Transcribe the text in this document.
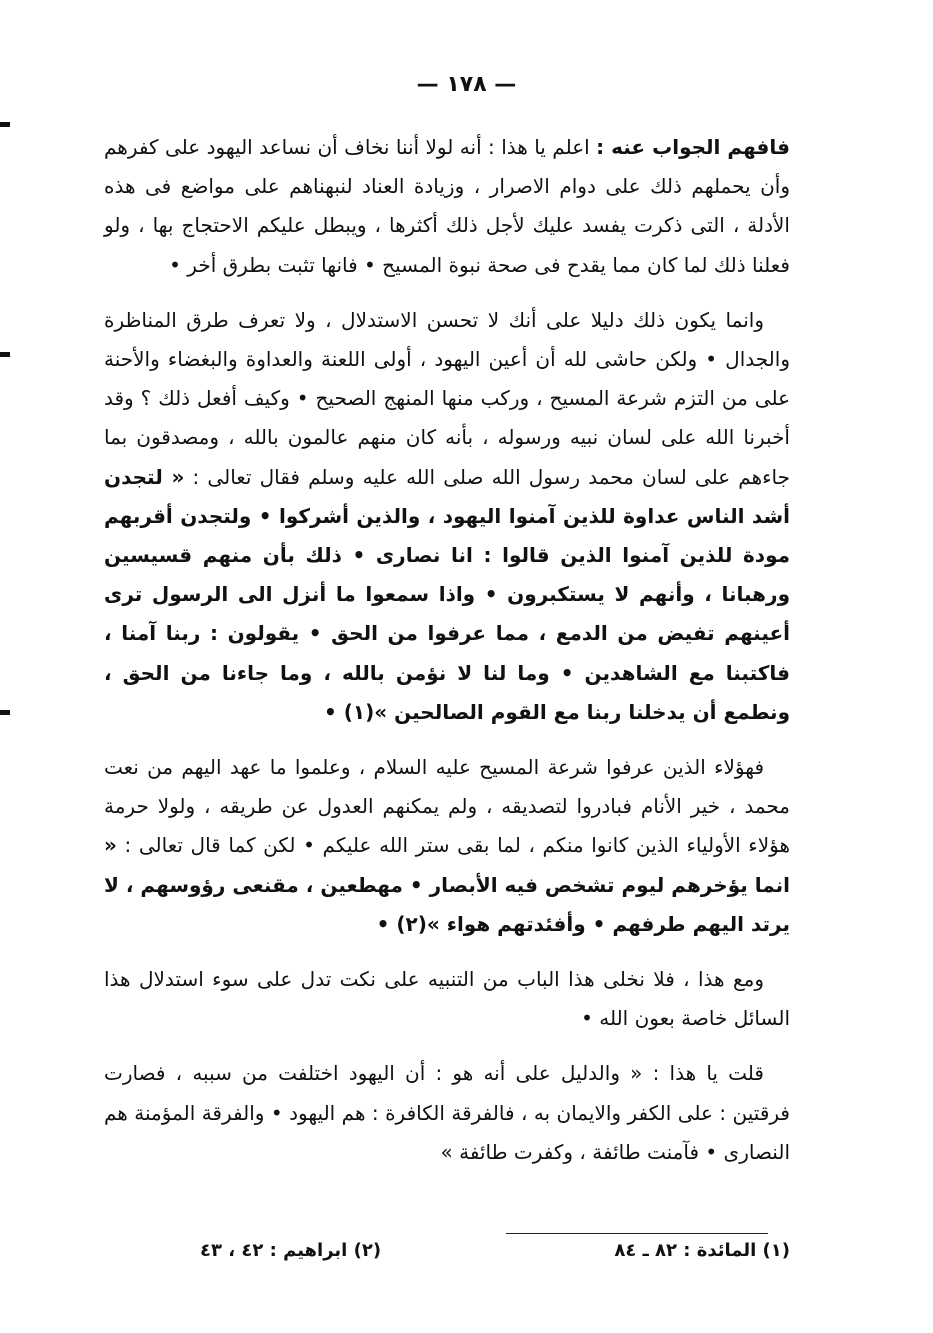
— ١٧٨ —

فافهم الجواب عنه : اعلم يا هذا : أنه لولا أننا نخاف أن نساعد اليهود على كفرهم وأن يحملهم ذلك على دوام الاصرار ، وزيادة العناد لنبهناهم على مواضع فى هذه الأدلة ، التى ذكرت يفسد عليك لأجل ذلك أكثرها ، ويبطل عليكم الاحتجاج بها ، ولو فعلنا ذلك لما كان مما يقدح فى صحة نبوة المسيح • فانها تثبت بطرق أخر •

وانما يكون ذلك دليلا على أنك لا تحسن الاستدلال ، ولا تعرف طرق المناظرة والجدال • ولكن حاشى لله أن أعين اليهود ، أولى اللعنة والعداوة والبغضاء والأحنة على من التزم شرعة المسيح ، وركب منها المنهج الصحيح • وكيف أفعل ذلك ؟ وقد أخبرنا الله على لسان نبيه ورسوله ، بأنه كان منهم عالمون بالله ، ومصدقون بما جاءهم على لسان محمد رسول الله صلى الله عليه وسلم فقال تعالى : « لتجدن أشد الناس عداوة للذين آمنوا اليهود ، والذين أشركوا • ولتجدن أقربهم مودة للذين آمنوا الذين قالوا : انا نصارى • ذلك بأن منهم قسيسين ورهبانا ، وأنهم لا يستكبرون • واذا سمعوا ما أنزل الى الرسول ترى أعينهم تفيض من الدمع ، مما عرفوا من الحق • يقولون : ربنا آمنا ، فاكتبنا مع الشاهدين • وما لنا لا نؤمن بالله ، وما جاءنا من الحق ، ونطمع أن يدخلنا ربنا مع القوم الصالحين »(١) •

فهؤلاء الذين عرفوا شرعة المسيح عليه السلام ، وعلموا ما عهد اليهم من نعت محمد ، خير الأنام فبادروا لتصديقه ، ولم يمكنهم العدول عن طريقه ، ولولا حرمة هؤلاء الأولياء الذين كانوا منكم ، لما بقى ستر الله عليكم • لكن كما قال تعالى : « انما يؤخرهم ليوم تشخص فيه الأبصار • مهطعين ، مقنعى رؤوسهم ، لا يرتد اليهم طرفهم • وأفئدتهم هواء »(٢) •

ومع هذا ، فلا نخلى هذا الباب من التنبيه على نكت تدل على سوء استدلال هذا السائل خاصة بعون الله •

قلت يا هذا : « والدليل على أنه هو : أن اليهود اختلفت من سببه ، فصارت فرقتين : على الكفر والايمان به ، فالفرقة الكافرة : هم اليهود • والفرقة المؤمنة هم النصارى • فآمنت طائفة ، وكفرت طائفة »

(١) المائدة : ٨٢ ـ ٨٤
(٢) ابراهيم : ٤٢ ، ٤٣
